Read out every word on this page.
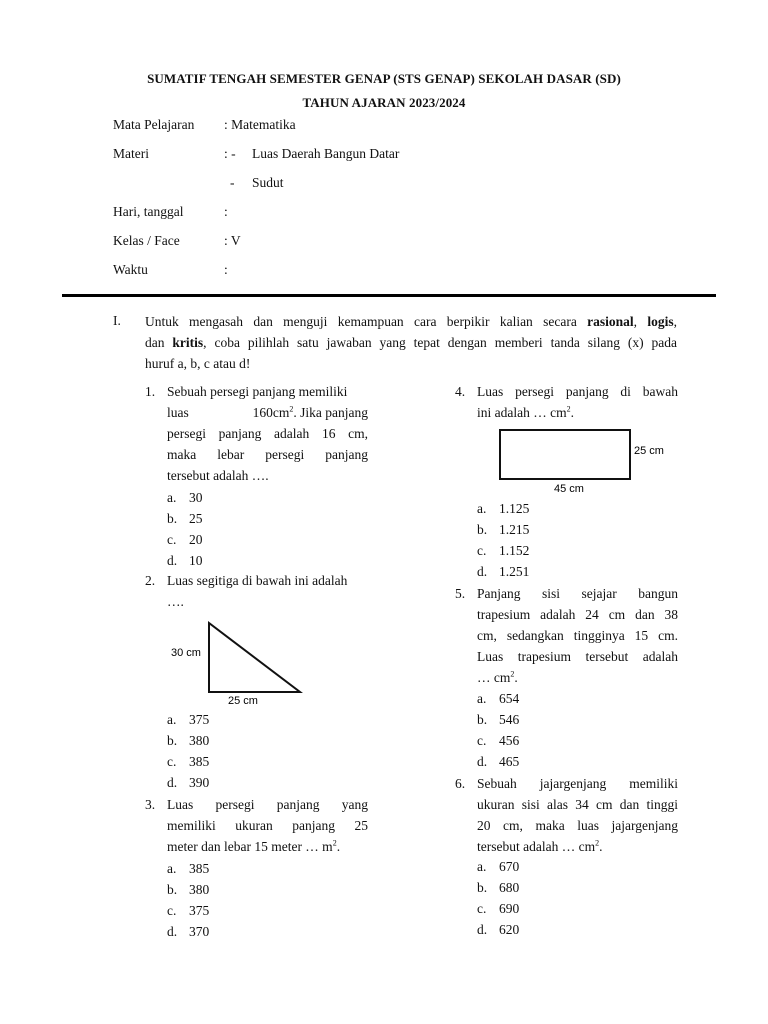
SUMATIF TENGAH SEMESTER GENAP (STS GENAP) SEKOLAH DASAR (SD)
TAHUN AJARAN 2023/2024
Mata Pelajaran : Matematika
Materi	: - Luas Daerah Bangun Datar
- Sudut
Hari, tanggal	:
Kelas / Face	: V
Waktu	:
I. Untuk mengasah dan menguji kemampuan cara berpikir kalian secara rasional, logis,
dan kritis, coba pilihlah satu jawaban yang tepat dengan memberi tanda silang (x) pada
huruf a, b, c atau d!
1. Sebuah persegi panjang memiliki
luas	$160cm^2$. Jika panjang
persegi panjang adalah 16 cm,
maka lebar persegi panjang
tersebut adalah ….
a. 30
b. 25
c. 20
d. 10
2. Luas segitiga di bawah ini adalah
….
30 cm
25 cm
a. 375
b. 380
c. 385
d. 390
3. Luas persegi panjang yang
memiliki ukuran panjang 25
meter dan lebar 15 meter … $m^2$.
a. 385
b. 380
c. 375
d. 370
4. Luas persegi panjang di bawah
ini adalah … $cm^2$.
25 cm
45 cm
a. 1.125
b. 1.215
c. 1.152
d. 1.251
5. Panjang sisi sejajar bangun
trapesium adalah 24 cm dan 38
cm, sedangkan tingginya 15 cm.
Luas trapesium tersebut adalah
… $cm^2$.
a. 654
b. 546
c. 456
d. 465
6. Sebuah jajargenjang memiliki
ukuran sisi alas 34 cm dan tinggi
20 cm, maka luas jajargenjang
tersebut adalah … $cm^2$.
a. 670
b. 680
c. 690
d. 620
